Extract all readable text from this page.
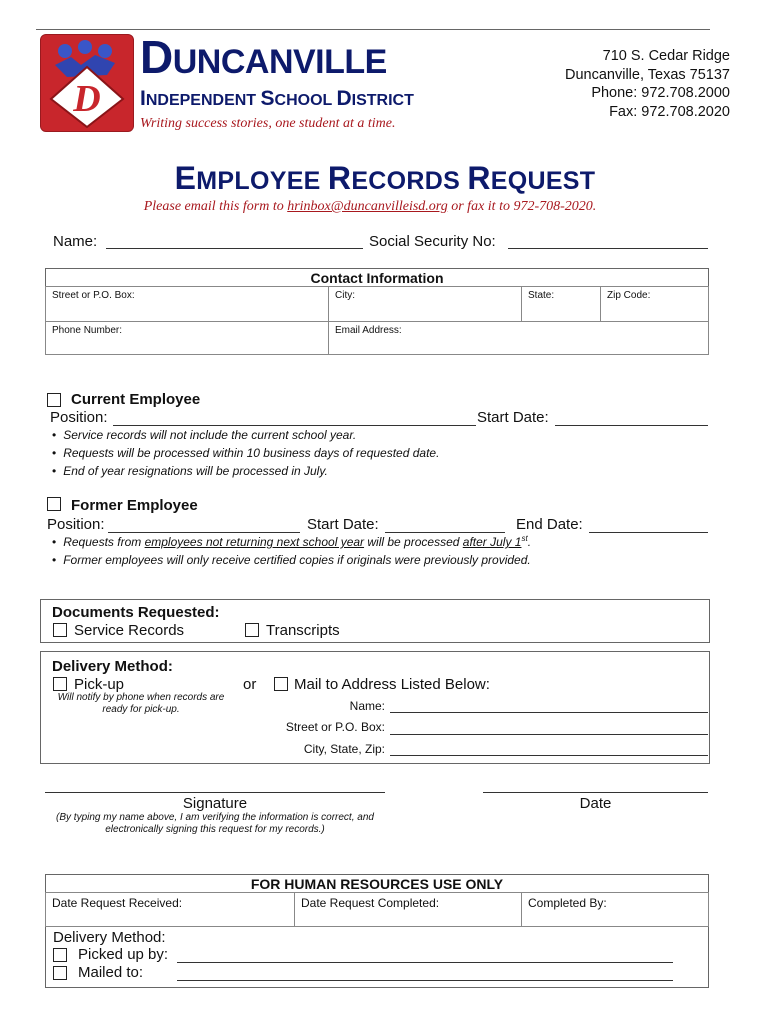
D
DUNCANVILLE
INDEPENDENT SCHOOL DISTRICT
Writing success stories, one student at a time.
710 S. Cedar Ridge
Duncanville, Texas 75137
Phone: 972.708.2000
Fax: 972.708.2020
EMPLOYEE RECORDS REQUEST
Please email this form to hrinbox@duncanvilleisd.org or fax it to 972-708-2020.
Name:	Social Security No:
Contact Information
Street or P.O. Box:	City:	State:	Zip Code:
Phone Number:	Email Address:
Current Employee
Position:	Start Date:
• Service records will not include the current school year.
• Requests will be processed within 10 business days of requested date.
• End of year resignations will be processed in July.
Former Employee
Position:	Start Date:	End Date:
• Requests from employees not returning next school year will be processed after July 1st.
• Former employees will only receive certified copies if originals were previously provided.
Documents Requested:
Service Records	Transcripts
Delivery Method:
Pick-up
Will notify by phone when records are ready for pick-up.
or	Mail to Address Listed Below:
Name:
Street or P.O. Box:
City, State, Zip:
Signature
(By typing my name above, I am verifying the information is correct, and electronically signing this request for my records.)
Date
FOR HUMAN RESOURCES USE ONLY
Date Request Received:	Date Request Completed:	Completed By:
Delivery Method:
Picked up by:
Mailed to:
